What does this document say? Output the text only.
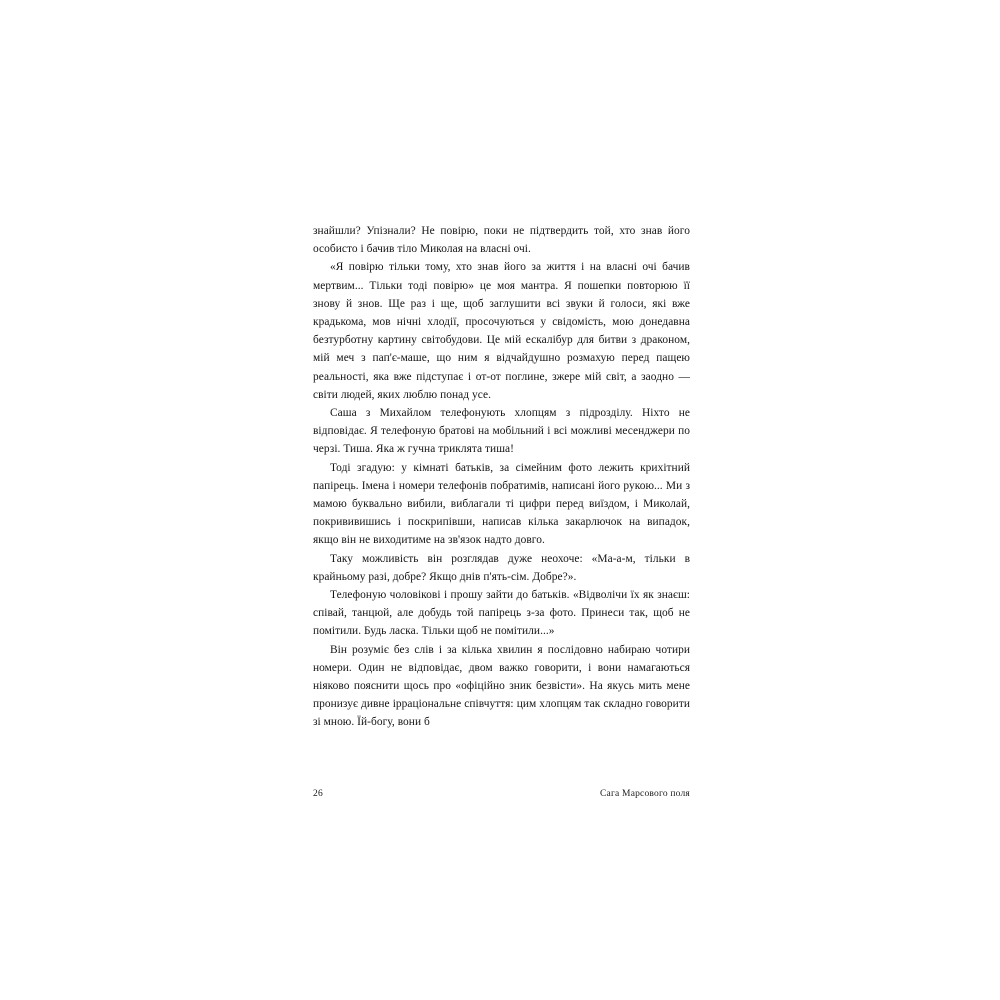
знайшли? Упізнали? Не повірю, поки не підтвердить той, хто знав його особисто і бачив тіло Миколая на власні очі.

«Я повірю тільки тому, хто знав його за життя і на власні очі бачив мертвим... Тільки тоді повірю» це моя мантра. Я пошепки повторюю її знову й знов. Ще раз і ще, щоб заглушити всі звуки й голоси, які вже крадькома, мов нічні хлодії, просочуються у свідомість, мою донедавна безтурботну картину світобудови. Це мій ескалібур для битви з драконом, мій меч з пап'є-маше, що ним я відчайдушно розмахую перед пащею реальності, яка вже підступає і от-от поглине, зжере мій світ, а заодно — світи людей, яких люблю понад усе.

Саша з Михайлом телефонують хлопцям з підрозділу. Ніхто не відповідає. Я телефоную братові на мобільний і всі можливі месенджери по черзі. Тиша. Яка ж гучна триклята тиша!

Тоді згадую: у кімнаті батьків, за сімейним фото лежить крихітний папірець. Імена і номери телефонів побратимів, написані його рукою... Ми з мамою буквально вибили, виблагали ті цифри перед виїздом, і Миколай, покрививишись і поскрипівши, написав кілька закарлючок на випадок, якщо він не виходитиме на зв'язок надто довго.

Таку можливість він розглядав дуже неохоче: «Ма-а-м, тільки в крайньому разі, добре? Якщо днів п'ять-сім. Добре?».

Телефоную чоловікові і прошу зайти до батьків. «Відволічи їх як знаєш: співай, танцюй, але добудь той папірець з-за фото. Принеси так, щоб не помітили. Будь ласка. Тільки щоб не помітили...»

Він розуміє без слів і за кілька хвилин я послідовно набираю чотири номери. Один не відповідає, двом важко говорити, і вони намагаються ніяково пояснити щось про «офіційно зник безвісти». На якусь мить мене пронизує дивне ірраціональне співчуття: цим хлопцям так складно говорити зі мною. Їй-богу, вони б

26	Сага Марсового поля
